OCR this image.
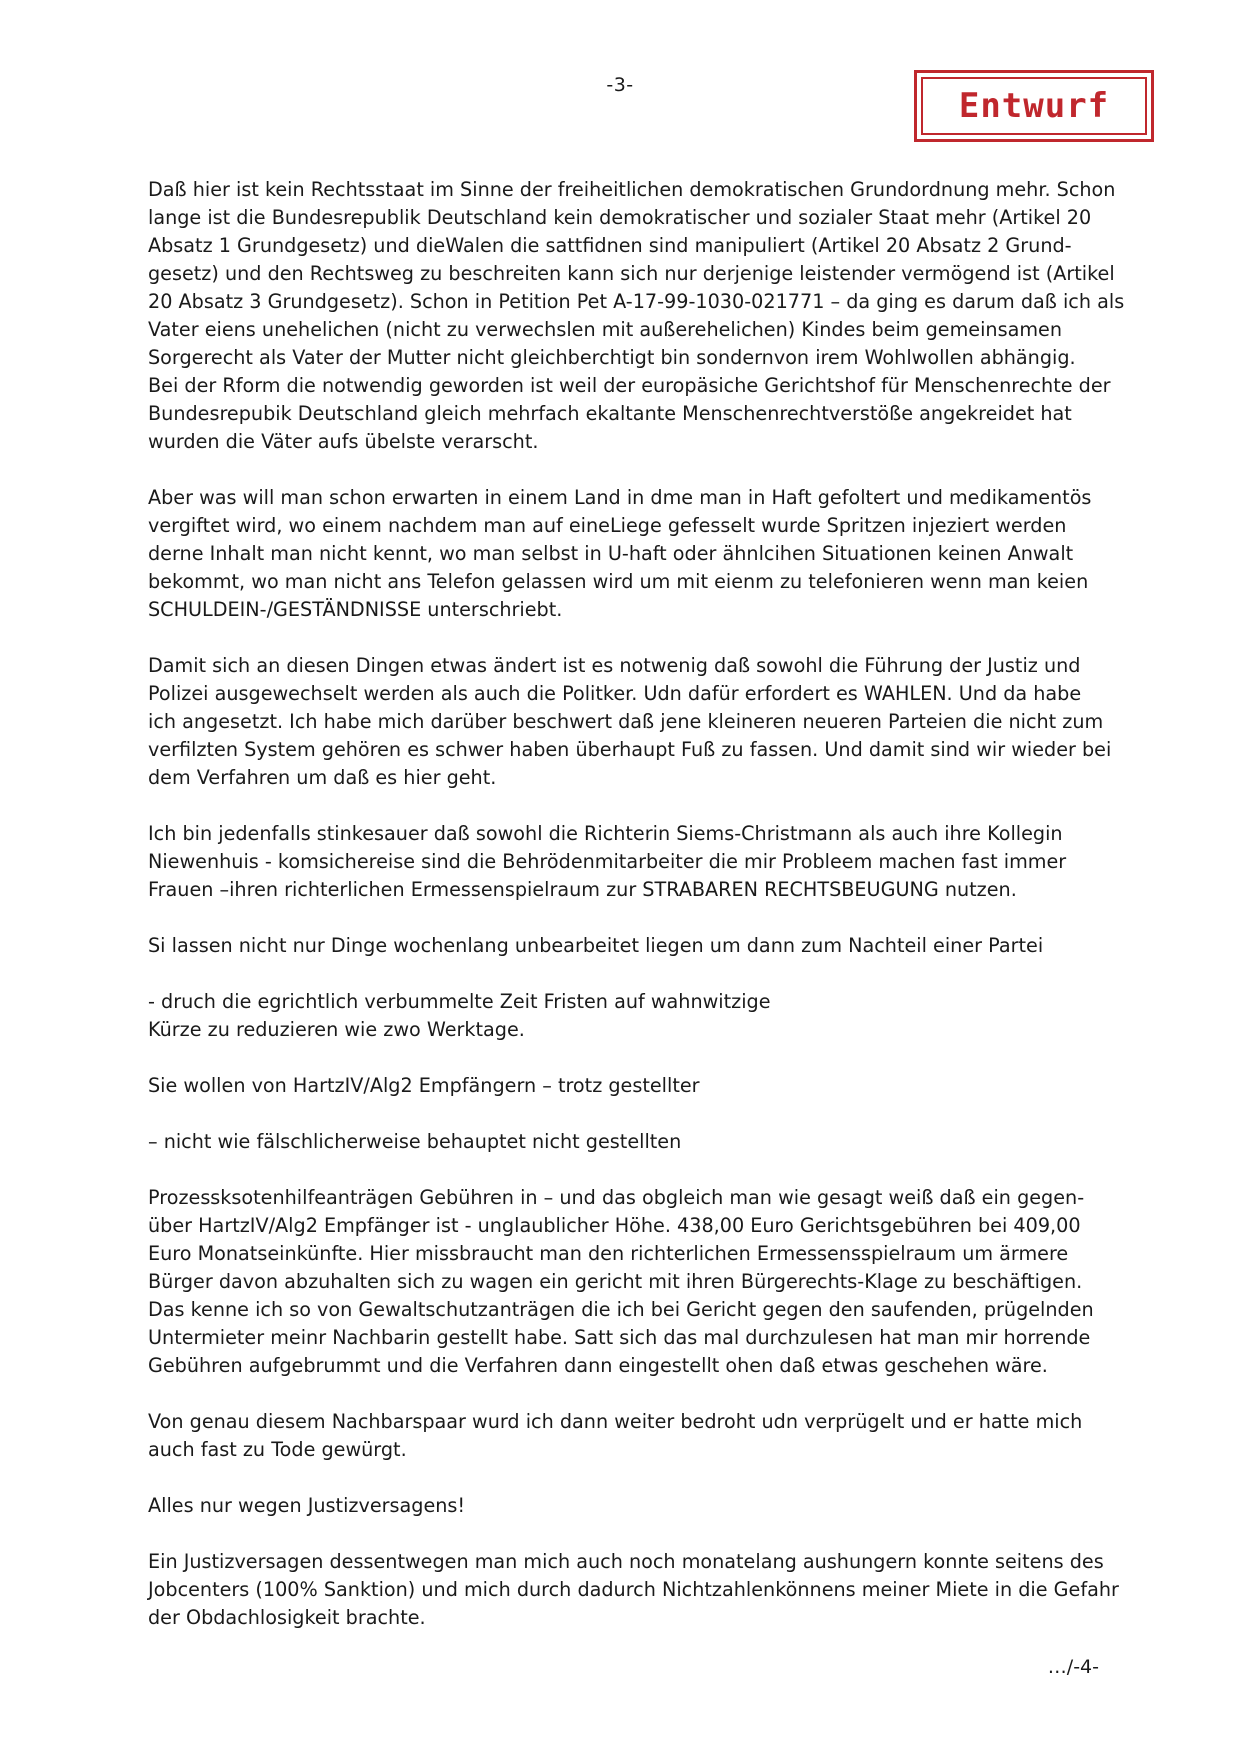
-3-
Entwurf

Daß hier ist kein Rechtsstaat im Sinne der freiheitlichen demokratischen Grundordnung mehr. Schon
lange ist die Bundesrepublik Deutschland kein demokratischer und sozialer Staat mehr (Artikel 20
Absatz 1 Grundgesetz) und dieWalen die sattfidnen sind manipuliert (Artikel 20 Absatz 2 Grund-
gesetz) und den Rechtsweg zu beschreiten kann sich nur derjenige leistender vermögend ist (Artikel
20 Absatz 3 Grundgesetz). Schon in Petition Pet A-17-99-1030-021771 – da ging es darum daß ich als
Vater eiens unehelichen (nicht zu verwechslen mit außerehelichen) Kindes beim gemeinsamen
Sorgerecht als Vater der Mutter nicht gleichberchtigt bin sondernvon irem Wohlwollen abhängig.
Bei der Rform die notwendig geworden ist weil der europäsiche Gerichtshof für Menschenrechte der
Bundesrepubik Deutschland gleich mehrfach ekaltante Menschenrechtverstöße angekreidet hat
wurden die Väter aufs übelste verarscht.

Aber was will man schon erwarten in einem Land in dme man in Haft gefoltert und medikamentös
vergiftet wird, wo einem nachdem man auf eineLiege gefesselt wurde Spritzen injeziert werden
derne Inhalt man nicht kennt, wo man selbst in U-haft oder ähnlcihen Situationen keinen Anwalt
bekommt, wo man nicht ans Telefon gelassen wird um mit eienm zu telefonieren wenn man keien
SCHULDEIN-/GESTÄNDNISSE unterschriebt.

Damit sich an diesen Dingen etwas ändert ist es notwenig daß sowohl die Führung der Justiz und
Polizei ausgewechselt werden als auch die Politker. Udn dafür erfordert es WAHLEN. Und da habe
ich angesetzt. Ich habe mich darüber beschwert daß jene kleineren neueren Parteien die nicht zum
verfilzten System gehören es schwer haben überhaupt Fuß zu fassen. Und damit sind wir wieder bei
dem Verfahren um daß es hier geht.

Ich bin jedenfalls stinkesauer daß sowohl die Richterin Siems-Christmann als auch ihre Kollegin
Niewenhuis - komsichereise sind die Behrödenmitarbeiter die mir Probleem machen fast immer
Frauen –ihren richterlichen Ermessenspielraum zur STRABAREN RECHTSBEUGUNG nutzen.

Si lassen nicht nur Dinge wochenlang unbearbeitet liegen um dann zum Nachteil einer Partei

- druch die egrichtlich verbummelte Zeit Fristen auf wahnwitzige
Kürze zu reduzieren wie zwo Werktage.

Sie wollen von HartzIV/Alg2 Empfängern – trotz gestellter

– nicht wie fälschlicherweise behauptet nicht gestellten

Prozessksotenhilfeanträgen Gebühren in – und das obgleich man wie gesagt weiß daß ein gegen-
über HartzIV/Alg2 Empfänger ist - unglaublicher Höhe. 438,00 Euro Gerichtsgebühren bei 409,00
Euro Monatseinkünfte. Hier missbraucht man den richterlichen Ermessensspielraum um ärmere
Bürger davon abzuhalten sich zu wagen ein gericht mit ihren Bürgerechts-Klage zu beschäftigen.
Das kenne ich so von Gewaltschutzanträgen die ich bei Gericht gegen den saufenden, prügelnden
Untermieter meinr Nachbarin gestellt habe. Satt sich das mal durchzulesen hat man mir horrende
Gebühren aufgebrummt und die Verfahren dann eingestellt ohen daß etwas geschehen wäre.

Von genau diesem Nachbarspaar wurd ich dann weiter bedroht udn verprügelt und er hatte mich
auch fast zu Tode gewürgt.

Alles nur wegen Justizversagens!

Ein Justizversagen dessentwegen man mich auch noch monatelang aushungern konnte seitens des
Jobcenters (100% Sanktion) und mich durch dadurch Nichtzahlenkönnens meiner Miete in die Gefahr
der Obdachlosigkeit brachte.

…/-4-
